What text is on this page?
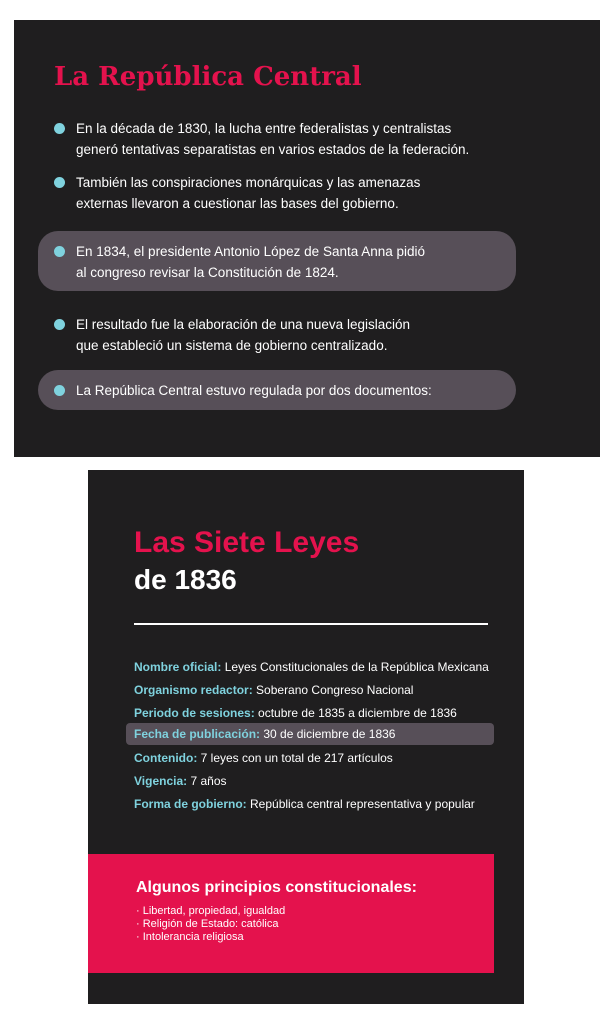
La República Central
En la década de 1830, la lucha entre federalistas y centralistas
generó tentativas separatistas en varios estados de la federación.
También las conspiraciones monárquicas y las amenazas
externas llevaron a cuestionar las bases del gobierno.
En 1834, el presidente Antonio López de Santa Anna pidió
al congreso revisar la Constitución de 1824.
El resultado fue la elaboración de una nueva legislación
que estableció un sistema de gobierno centralizado.
La República Central estuvo regulada por dos documentos:
Las Siete Leyes
de 1836
Nombre oficial: Leyes Constitucionales de la República Mexicana
Organismo redactor: Soberano Congreso Nacional
Periodo de sesiones: octubre de 1835 a diciembre de 1836
Fecha de publicación: 30 de diciembre de 1836
Contenido: 7 leyes con un total de 217 artículos
Vigencia: 7 años
Forma de gobierno: República central representativa y popular
Algunos principios constitucionales:
· Libertad, propiedad, igualdad
· Religión de Estado: católica
· Intolerancia religiosa
